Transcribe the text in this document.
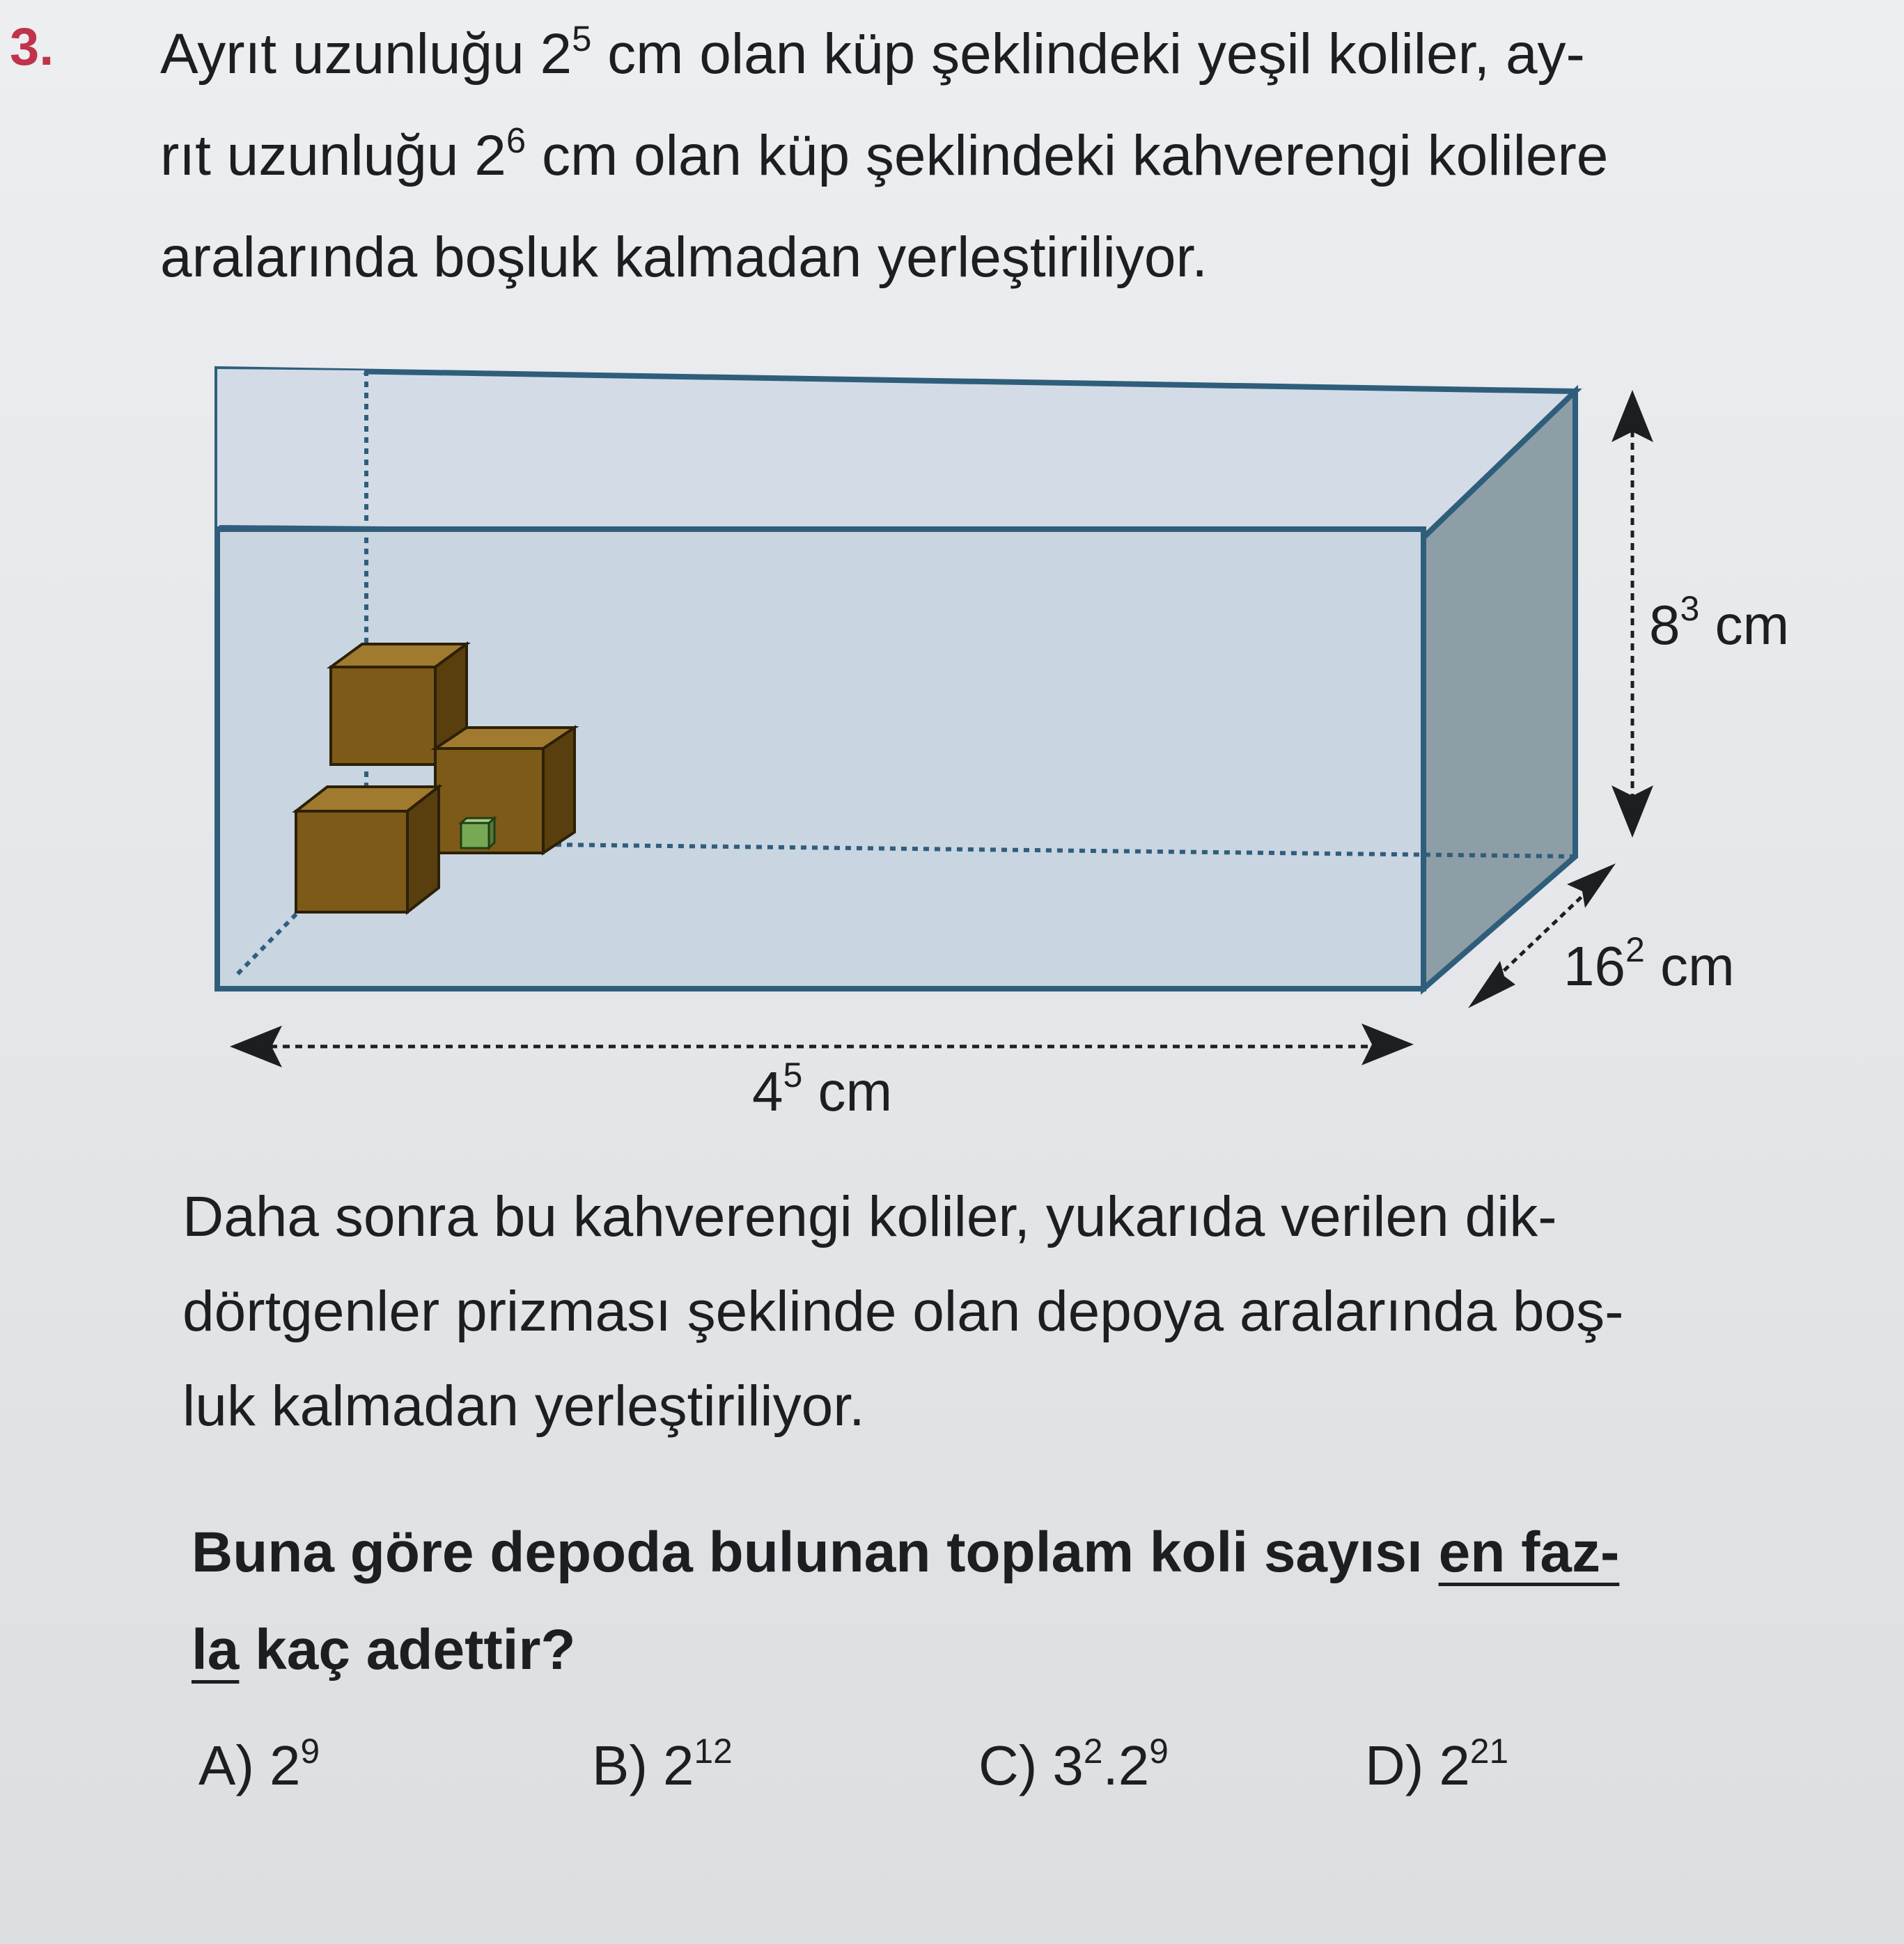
3. Ayrıt uzunluğu $2^5$ cm olan küp şeklindeki yeşil koliler, ay-
rıt uzunluğu $2^6$ cm olan küp şeklindeki kahverengi kolilere
aralarında boşluk kalmadan yerleştiriliyor.

$4^5$ cm
$8^3$ cm
$16^2$ cm

Daha sonra bu kahverengi koliler, yukarıda verilen dik-
dörtgenler prizması şeklinde olan depoya aralarında boş-
luk kalmadan yerleştiriliyor.

Buna göre depoda bulunan toplam koli sayısı en faz-
la kaç adettir?

A) $2^9$	B) $2^{12}$	C) $3^2.2^9$	D) $2^{21}$
